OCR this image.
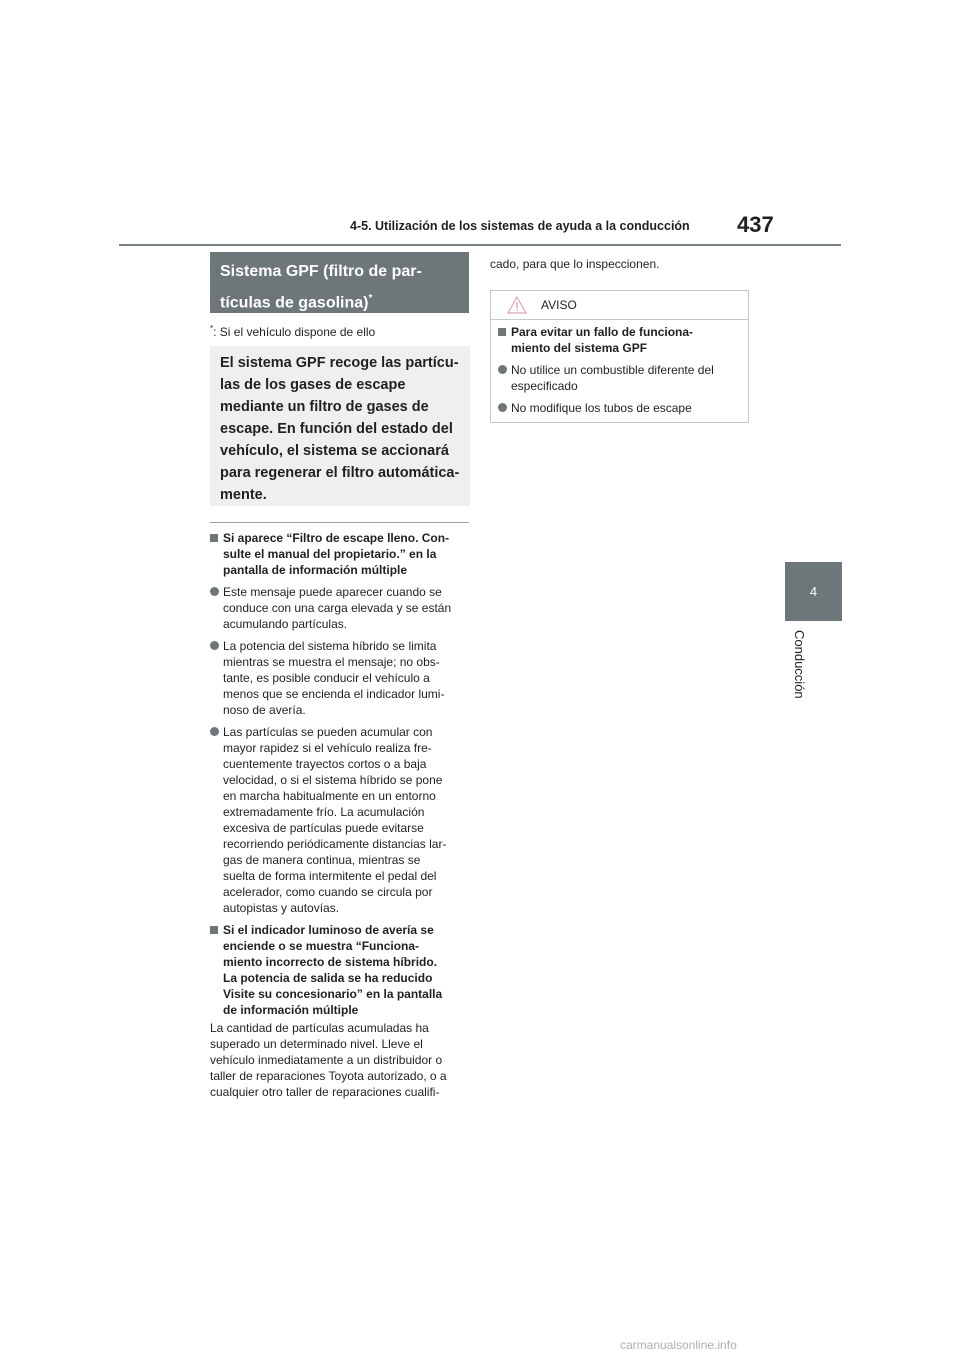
4-5. Utilización de los sistemas de ayuda a la conducción 437
4
Conducción
Sistema GPF (filtro de par-
tículas de gasolina)*
*: Si el vehículo dispone de ello
El sistema GPF recoge las partícu-
las de los gases de escape
mediante un filtro de gases de
escape. En función del estado del
vehículo, el sistema se accionará
para regenerar el filtro automática-
mente.
Si aparece “Filtro de escape lleno. Con-
sulte el manual del propietario.” en la
pantalla de información múltiple
Este mensaje puede aparecer cuando se
conduce con una carga elevada y se están
acumulando partículas.
La potencia del sistema híbrido se limita
mientras se muestra el mensaje; no obs-
tante, es posible conducir el vehículo a
menos que se encienda el indicador lumi-
noso de avería.
Las partículas se pueden acumular con
mayor rapidez si el vehículo realiza fre-
cuentemente trayectos cortos o a baja
velocidad, o si el sistema híbrido se pone
en marcha habitualmente en un entorno
extremadamente frío. La acumulación
excesiva de partículas puede evitarse
recorriendo periódicamente distancias lar-
gas de manera continua, mientras se
suelta de forma intermitente el pedal del
acelerador, como cuando se circula por
autopistas y autovías.
Si el indicador luminoso de avería se
enciende o se muestra “Funciona-
miento incorrecto de sistema híbrido.
La potencia de salida se ha reducido
Visite su concesionario” en la pantalla
de información múltiple
La cantidad de partículas acumuladas ha
superado un determinado nivel. Lleve el
vehículo inmediatamente a un distribuidor o
taller de reparaciones Toyota autorizado, o a
cualquier otro taller de reparaciones cualifi-
cado, para que lo inspeccionen.
AVISO
Para evitar un fallo de funciona-
miento del sistema GPF
No utilice un combustible diferente del
especificado
No modifique los tubos de escape
carmanualsonline.info
